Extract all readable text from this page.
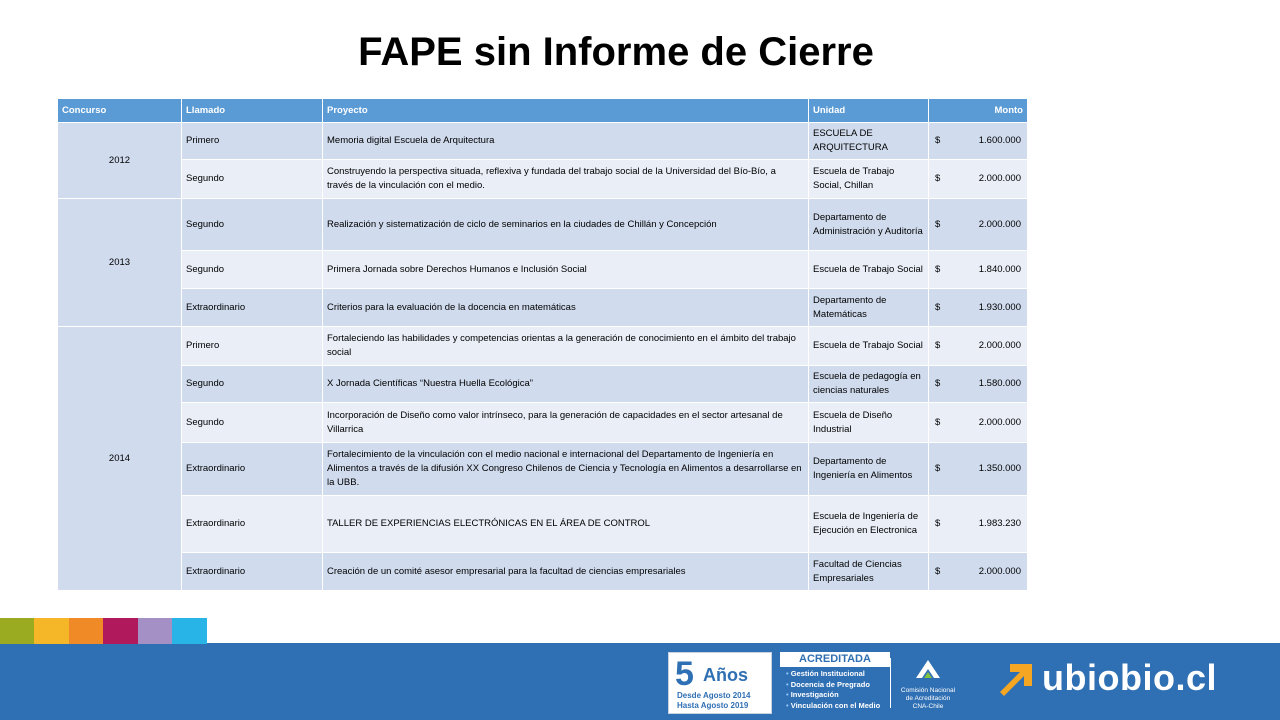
FAPE sin Informe de Cierre
Concurso	Llamado	Proyecto	Unidad	Monto
2012	Primero	Memoria digital Escuela de Arquitectura	ESCUELA DE ARQUITECTURA	$ 1.600.000
	Segundo	Construyendo la perspectiva situada, reflexiva y fundada del trabajo social de la Universidad del Bío-Bío, a través de la vinculación con el medio.	Escuela de Trabajo Social, Chillan	$ 2.000.000
2013	Segundo	Realización y sistematización de ciclo de seminarios en la ciudades de Chillán y Concepción	Departamento de Administración y Auditoría	$ 2.000.000
	Segundo	Primera Jornada sobre Derechos Humanos e Inclusión Social	Escuela de Trabajo Social	$ 1.840.000
	Extraordinario	Criterios para la evaluación de la docencia en matemáticas	Departamento de Matemáticas	$ 1.930.000
2014	Primero	Fortaleciendo las habilidades y competencias orientas a la generación de conocimiento en el ámbito del trabajo social	Escuela de Trabajo Social	$ 2.000.000
	Segundo	X Jornada Científicas “Nuestra Huella Ecológica”	Escuela de pedagogía en ciencias naturales	$ 1.580.000
	Segundo	Incorporación de Diseño como valor intrínseco, para la generación de capacidades en el sector artesanal de Villarrica	Escuela de Diseño Industrial	$ 2.000.000
	Extraordinario	Fortalecimiento de la vinculación con el medio nacional e internacional del Departamento de Ingeniería en Alimentos a través de la difusión XX Congreso Chilenos de Ciencia y Tecnología en Alimentos a desarrollarse en la UBB.	Departamento de Ingeniería en Alimentos	$ 1.350.000
	Extraordinario	TALLER DE EXPERIENCIAS ELECTRÓNICAS EN EL ÁREA DE CONTROL	Escuela de Ingeniería de Ejecución en Electronica	$ 1.983.230
	Extraordinario	Creación de un comité asesor empresarial para la facultad de ciencias empresariales	Facultad de Ciencias Empresariales	$ 2.000.000
5 Años
Desde Agosto 2014
Hasta Agosto 2019
ACREDITADA
• Gestión Institucional
• Docencia de Pregrado
• Investigación
• Vinculación con el Medio
Comisión Nacional
de Acreditación
CNA-Chile
ubiobio.cl
